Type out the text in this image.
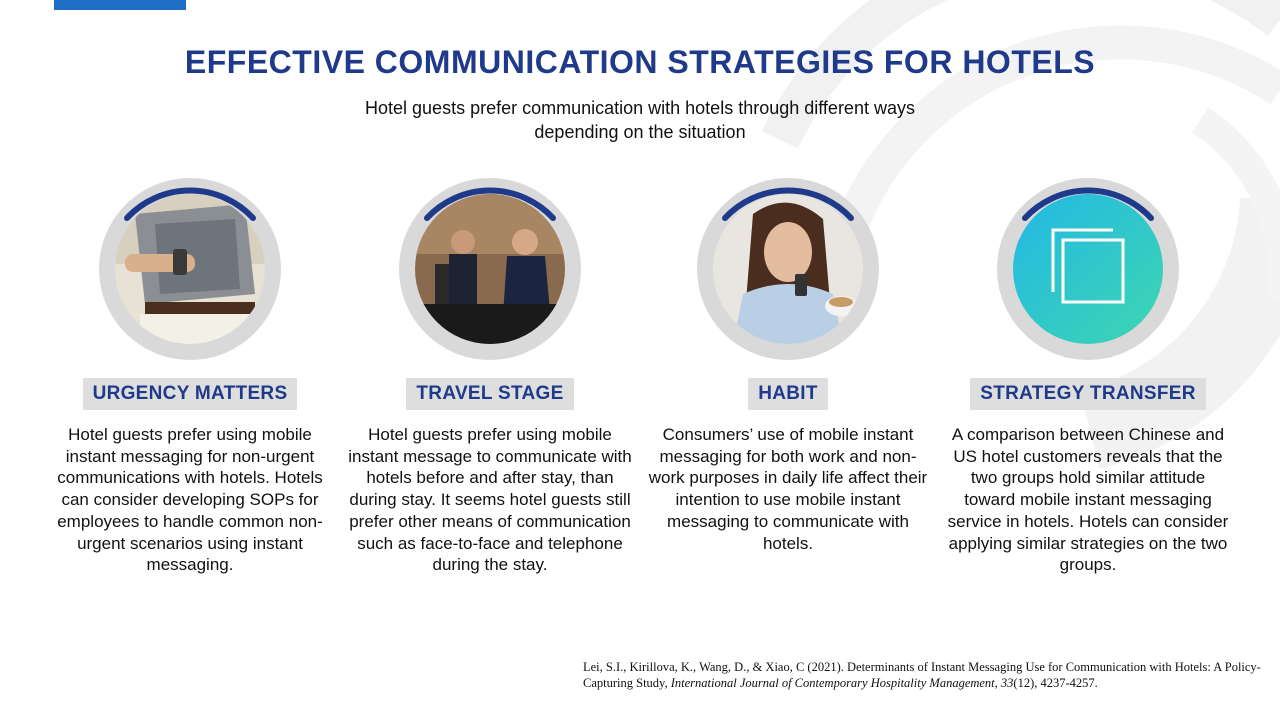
EFFECTIVE COMMUNICATION STRATEGIES FOR HOTELS
Hotel guests prefer communication with hotels through different ways
depending on the situation
URGENCY MATTERS
Hotel guests prefer using mobile instant messaging for non-urgent communications with hotels. Hotels can consider developing SOPs for employees to handle common non-urgent scenarios using instant messaging.
TRAVEL STAGE
Hotel guests prefer using mobile instant message to communicate with hotels before and after stay, than during stay. It seems hotel guests still prefer other means of communication such as face-to-face and telephone during the stay.
HABIT
Consumers’ use of mobile instant messaging for both work and non-work purposes in daily life affect their intention to use mobile instant messaging to communicate with hotels.
STRATEGY TRANSFER
A comparison between Chinese and US hotel customers reveals that the two groups hold similar attitude toward mobile instant messaging service in hotels. Hotels can consider applying similar strategies on the two groups.
Lei, S.I., Kirillova, K., Wang, D., & Xiao, C (2021). Determinants of Instant Messaging Use for Communication with Hotels: A Policy-Capturing Study, International Journal of Contemporary Hospitality Management, 33(12), 4237-4257.
